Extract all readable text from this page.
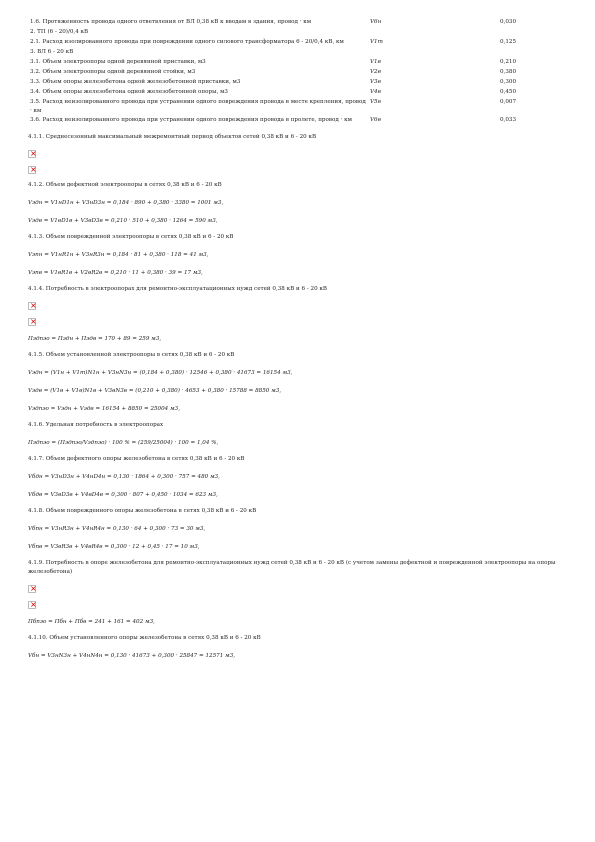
1.6. Протяженность провода одного ответвления от ВЛ 0,38 кВ к вводам в здания, провод · км	V6н	0,030
2. ТП (6 - 20)/0,4 кВ		
2.1. Расход изолированного провода при повреждении одного силового трансформатора 6 - 20/0,4 кВ, км	V1т	0,125
3. ВЛ 6 - 20 кВ		
3.1. Объем электроопоры одной деревянной приставки, м3	V1в	0,210
3.2. Объем электроопоры одной деревянной стойки, м3	V2в	0,380
3.3. Объем опоры железобетона одной железобетонной приставки, м3	V3в	0,300
3.4. Объем опоры железобетона одной железобетонной опоры, м3	V4в	0,450
3.5. Расход неизолированного провода при устранении одного повреждения провода в месте крепления, провод · км	V5в	0,007
3.6. Расход неизолированного провода при устранении одного повреждения провода в пролете, провод · км	V6в	0,033

4.1.1. Среднесезонный максимальный межремонтный период объектов сетей 0,38 кВ и 6 - 20 кВ

×
×

4.1.2. Объем дефектной электроопоры в сетях 0,38 кВ и 6 - 20 кВ

Vэдн = V1нD1н + V3нD3н = 0,184 · 890 + 0,380 · 3380 = 1001 м3,

Vэдв = V1вD1в + V3вD3в = 0,210 · 510 + 0,380 · 1264 = 590 м3,

4.1.3. Объем поврежденной электроопоры в сетях 0,38 кВ и 6 - 20 кВ

Vэпн = V1нR1н + V3нR3н = 0,184 · 81 + 0,380 · 118 = 41 м3,

Vэпв = V1вR1в + V2вR2в = 0,210 · 11 + 0,380 · 39 = 17 м3,

4.1.4. Потребность в электроопорах для ремонтно-эксплуатационных нужд сетей 0,38 кВ и 6 - 20 кВ

×
×

Пэдпэо = Пэдн + Пэдв = 170 + 89 = 259 м3,

4.1.5. Объем установленной электроопоры в сетях 0,38 кВ и 6 - 20 кВ

Vэдн = (V1н + V1т)N1н + V3нN3н = (0,184 + 0,380) · 12546 + 0,380 · 41673 = 16154 м3,

Vэдв = (V1в + V1в)N1в + V3вN3в = (0,210 + 0,380) · 4653 + 0,380 · 15788 = 8850 м3,

Vэдпэо = Vэдн + Vэдв = 16154 + 8850 = 25004 м3,

4.1.6. Удельная потребность в электроопорах

Пэдпэо = (Пэдпэо/Vэдпэо) · 100 % = (259/25004) · 100 = 1,04 %,

4.1.7. Объем дефектного опоры железобетона в сетях 0,38 кВ и 6 - 20 кВ

Vбдн = V3нD3н + V4нD4н = 0,130 · 1864 + 0,300 · 757 = 480 м3,

Vбдв = V3вD3в + V4вD4в = 0,300 · 807 + 0,450 · 1034 = 623 м3,

4.1.8. Объем поврежденного опоры железобетона в сетях 0,38 кВ и 6 - 20 кВ

Vбпн = V3нR3н + V4нR4н = 0,130 · 64 + 0,300 · 73 = 30 м3,

Vбпв = V3вR3в + V4вR4в = 0,300 · 12 + 0,45 · 17 = 10 м3,

4.1.9. Потребность в опоре железобетона для ремонтно-эксплуатационных нужд сетей 0,38 кВ и 6 - 20 кВ (с учетом замены дефектной и поврежденной электроопоры на опоры железобетона)

×
×

Пбпэо = Пбн + Пбв = 241 + 161 = 402 м3,

4.1.10. Объем установленного опоры железобетона в сетях 0,38 кВ и 6 - 20 кВ

Vбн = V3нN3н + V4нN4н = 0,130 · 41673 + 0,300 · 25847 = 12571 м3,
